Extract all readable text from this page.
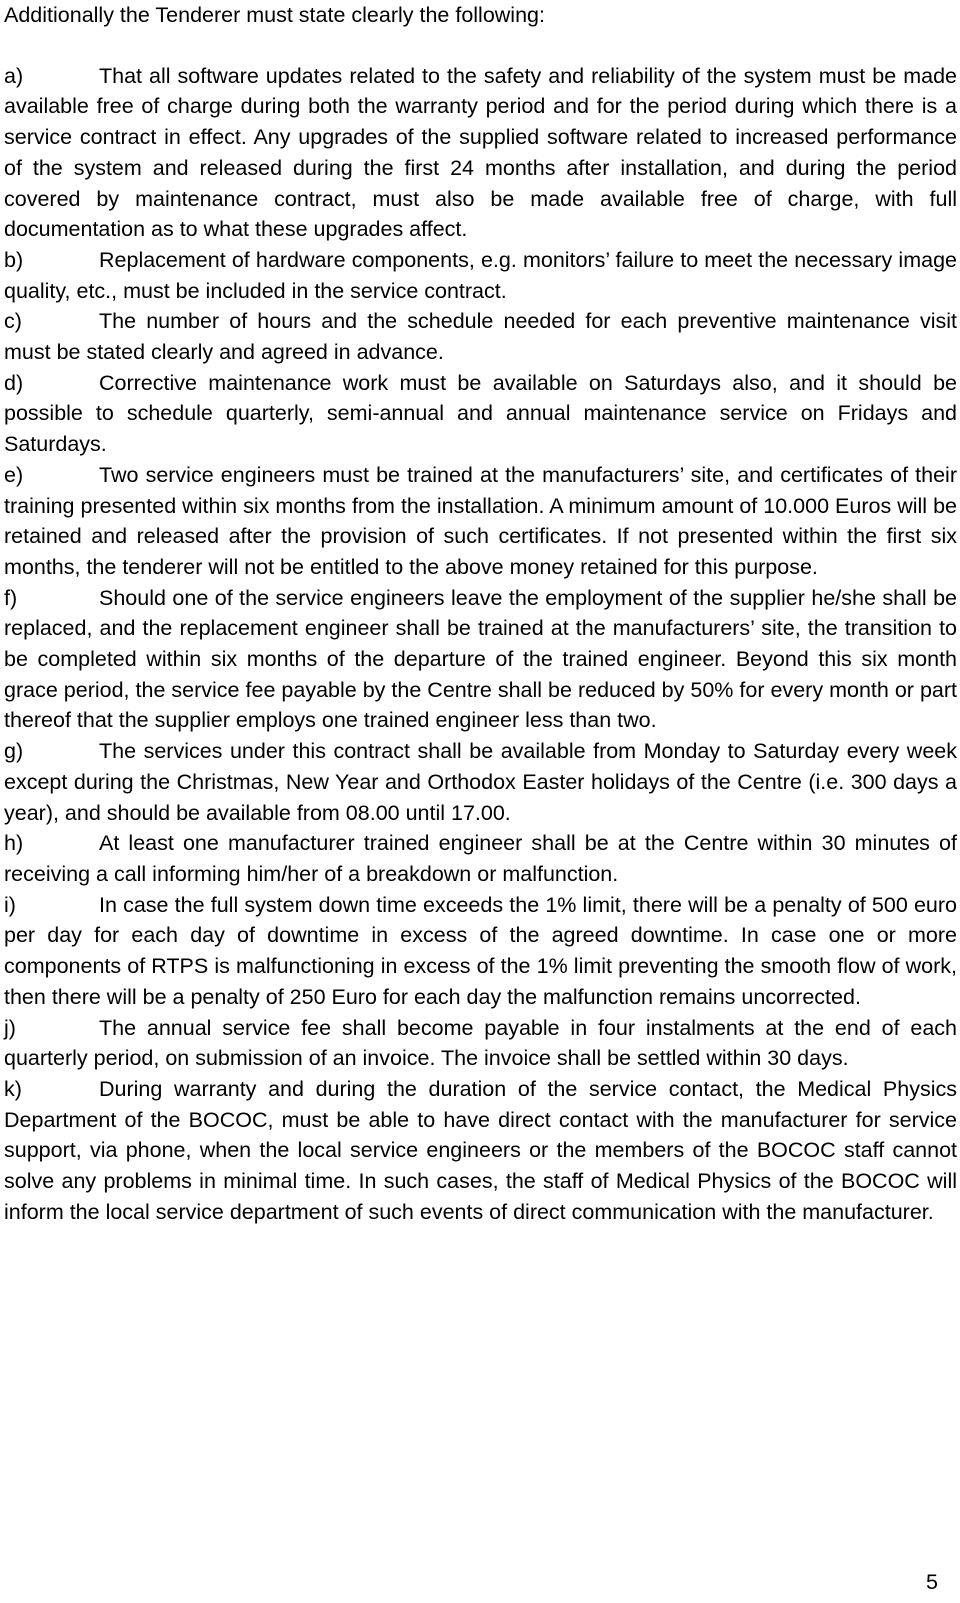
Additionally the Tenderer must state clearly the following:

a)	That all software updates related to the safety and reliability of the system must be made available free of charge during both the warranty period and for the period during which there is a service contract in effect. Any upgrades of the supplied software related to increased performance of the system and released during the first 24 months after installation, and during the period covered by maintenance contract, must also be made available free of charge, with full documentation as to what these upgrades affect.

b)	Replacement of hardware components, e.g. monitors’ failure to meet the necessary image quality, etc., must be included in the service contract.

c)	The number of hours and the schedule needed for each preventive maintenance visit must be stated clearly and agreed in advance.

d)	Corrective maintenance work must be available on Saturdays also, and it should be possible to schedule quarterly, semi-annual and annual maintenance service on Fridays and Saturdays.

e)	Two service engineers must be trained at the manufacturers’ site, and certificates of their training presented within six months from the installation. A minimum amount of 10.000 Euros will be retained and released after the provision of such certificates. If not presented within the first six months, the tenderer will not be entitled to the above money retained for this purpose.

f)	Should one of the service engineers leave the employment of the supplier he/she shall be replaced, and the replacement engineer shall be trained at the manufacturers’ site, the transition to be completed within six months of the departure of the trained engineer. Beyond this six month grace period, the service fee payable by the Centre shall be reduced by 50% for every month or part thereof that the supplier employs one trained engineer less than two.

g)	The services under this contract shall be available from Monday to Saturday every week except during the Christmas, New Year and Orthodox Easter holidays of the Centre (i.e. 300 days a year), and should be available from 08.00 until 17.00.

h)	At least one manufacturer trained engineer shall be at the Centre within 30 minutes of receiving a call informing him/her of a breakdown or malfunction.

i)	In case the full system down time exceeds the 1% limit, there will be a penalty of 500 euro per day for each day of downtime in excess of the agreed downtime. In case one or more components of RTPS is malfunctioning in excess of the 1% limit preventing the smooth flow of work, then there will be a penalty of 250 Euro for each day the malfunction remains uncorrected.

j)	The annual service fee shall become payable in four instalments at the end of each quarterly period, on submission of an invoice. The invoice shall be settled within 30 days.

k)	During warranty and during the duration of the service contact, the Medical Physics Department of the BOCOC, must be able to have direct contact with the manufacturer for service support, via phone, when the local service engineers or the members of the BOCOC staff cannot solve any problems in minimal time. In such cases, the staff of Medical Physics of the BOCOC will inform the local service department of such events of direct communication with the manufacturer.

5
